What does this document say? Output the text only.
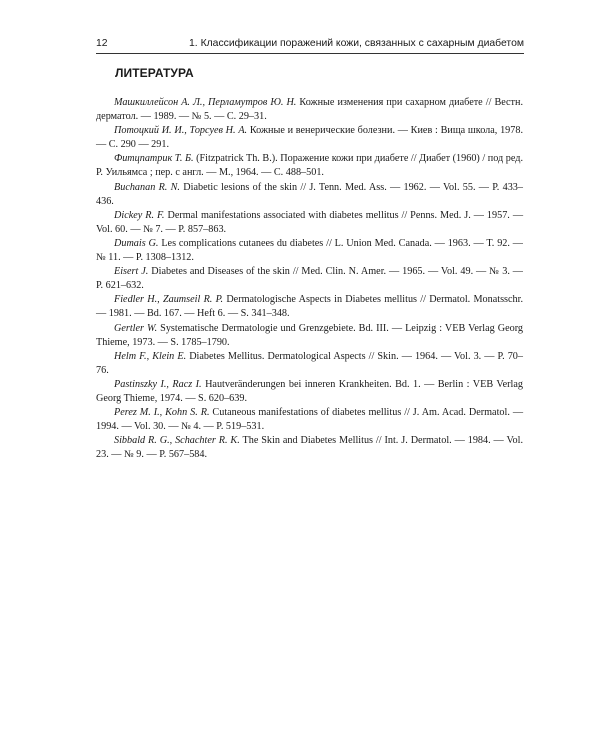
12	1. Классификации поражений кожи, связанных с сахарным диабетом
ЛИТЕРАТУРА
Машкиллейсон А. Л., Перламутров Ю. Н. Кожные изменения при сахарном диабете // Вестн. дерматол. — 1989. — № 5. — С. 29–31.
Потоцкий И. И., Торсуев Н. А. Кожные и венерические болезни. — Киев : Вища школа, 1978. — С. 290 — 291.
Фитцпатрик Т. Б. (Fitzpatrick Th. B.). Поражение кожи при диабете // Диабет (1960) / под ред. Р. Уильямса ; пер. с англ. — М., 1964. — С. 488–501.
Buchanan R. N. Diabetic lesions of the skin // J. Tenn. Med. Ass. — 1962. — Vol. 55. — P. 433–436.
Dickey R. F. Dermal manifestations associated with diabetes mellitus // Penns. Med. J. — 1957. — Vol. 60. — № 7. — P. 857–863.
Dumais G. Les complications cutanees du diabetes // L. Union Med. Canada. — 1963. — T. 92. — № 11. — P. 1308–1312.
Eisert J. Diabetes and Diseases of the skin // Med. Clin. N. Amer. — 1965. — Vol. 49. — № 3. — P. 621–632.
Fiedler H., Zaumseil R. P. Dermatologische Aspects in Diabetes mellitus // Dermatol. Monatsschr. — 1981. — Bd. 167. — Heft 6. — S. 341–348.
Gertler W. Systematische Dermatologie und Grenzgebiete. Bd. III. — Leipzig : VEB Verlag Georg Thieme, 1973. — S. 1785–1790.
Helm F., Klein E. Diabetes Mellitus. Dermatological Aspects // Skin. — 1964. — Vol. 3. — P. 70–76.
Pastinszky I., Racz I. Hautveränderungen bei inneren Krankheiten. Bd. 1. — Berlin : VEB Verlag Georg Thieme, 1974. — S. 620–639.
Perez M. I., Kohn S. R. Cutaneous manifestations of diabetes mellitus // J. Am. Acad. Dermatol. — 1994. — Vol. 30. — № 4. — P. 519–531.
Sibbald R. G., Schachter R. K. The Skin and Diabetes Mellitus // Int. J. Dermatol. — 1984. — Vol. 23. — № 9. — P. 567–584.
